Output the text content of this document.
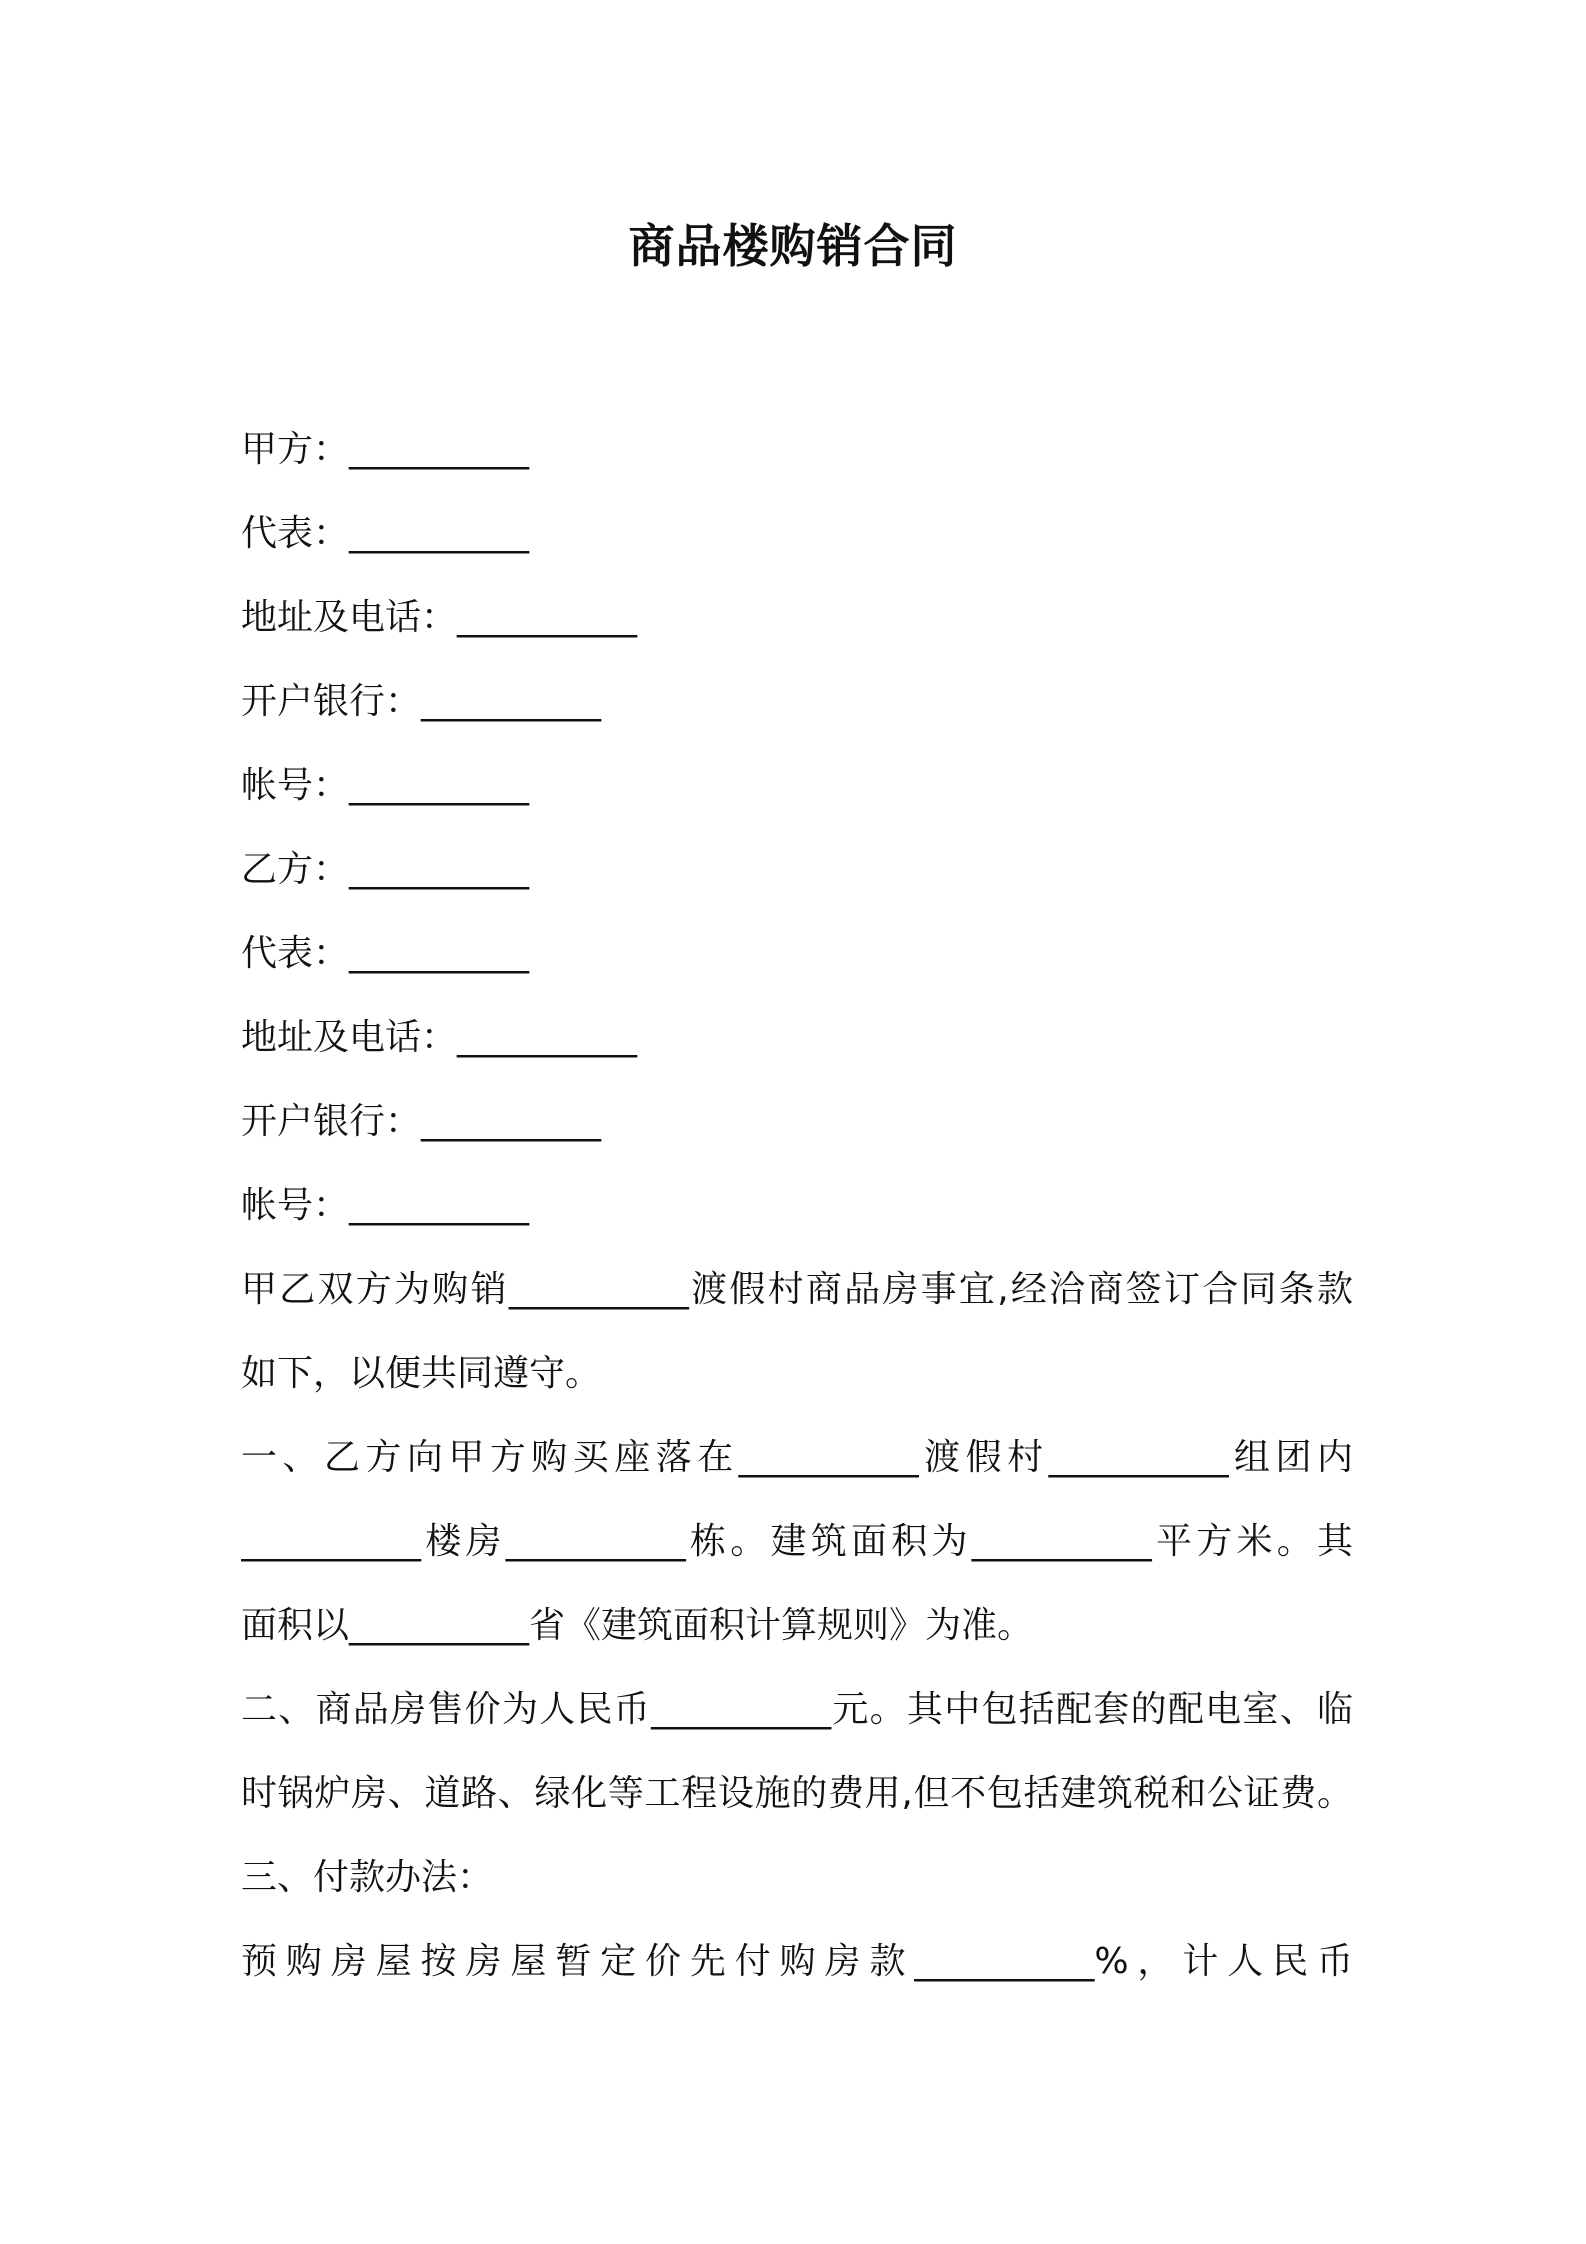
商品楼购销合同
甲方：__________
代表：__________
地址及电话：__________
开户银行：__________
帐号：__________
乙方：__________
代表：__________
地址及电话：__________
开户银行：__________
帐号：__________
甲乙双方为购销__________渡假村商品房事宜,经洽商签订合同条款
如下，以便共同遵守。
一、乙方向甲方购买座落在__________渡假村__________组团内
__________楼房__________栋。建筑面积为__________平方米。其
面积以__________省《建筑面积计算规则》为准。
二、商品房售价为人民币__________元。其中包括配套的配电室、临
时锅炉房、道路、绿化等工程设施的费用,但不包括建筑税和公证费。
三、付款办法：
预购房屋按房屋暂定价先付购房款__________%，计人民币
